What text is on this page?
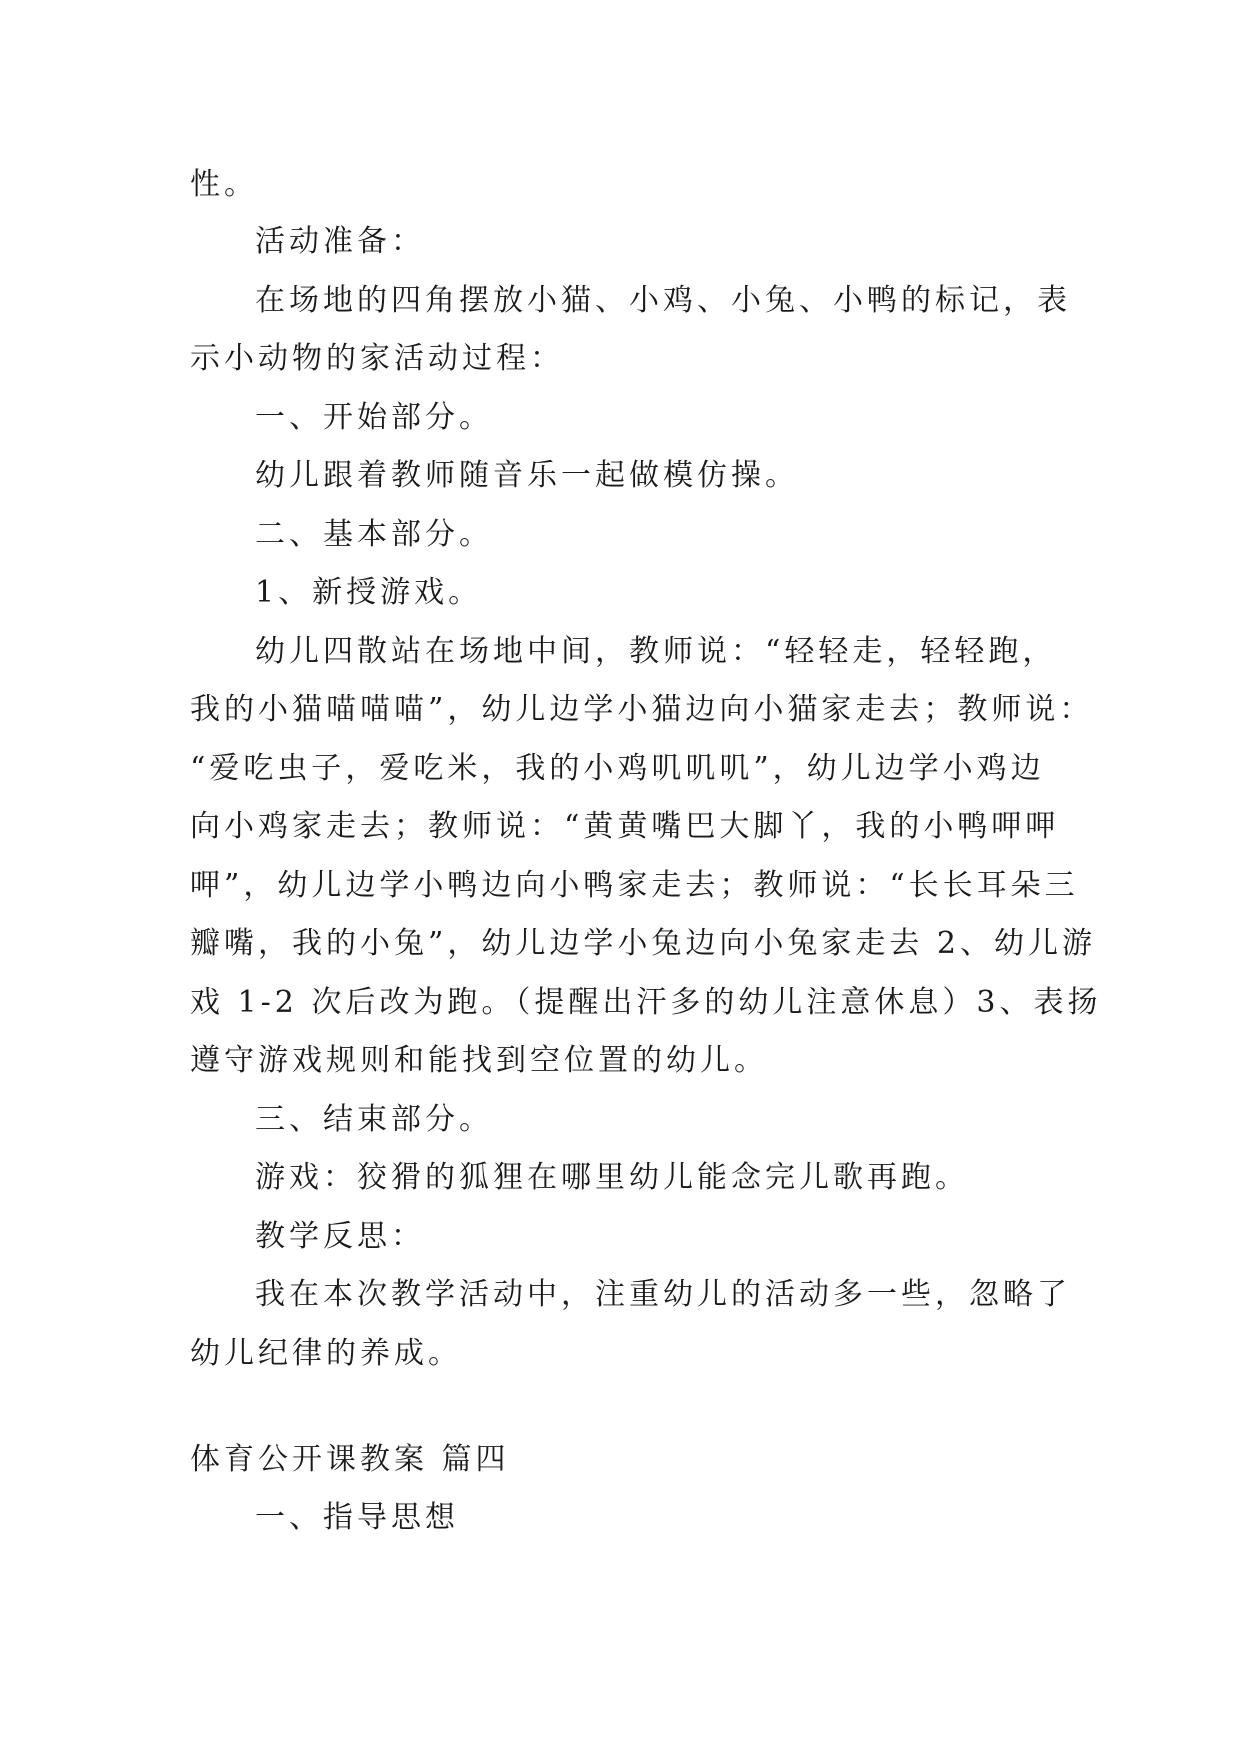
性。
活动准备：
在场地的四角摆放小猫、小鸡、小兔、小鸭的标记，表
示小动物的家活动过程：
一、开始部分。
幼儿跟着教师随音乐一起做模仿操。
二、基本部分。
1、新授游戏。
幼儿四散站在场地中间，教师说：“轻轻走，轻轻跑，
我的小猫喵喵喵”，幼儿边学小猫边向小猫家走去；教师说：
“爱吃虫子，爱吃米，我的小鸡叽叽叽”，幼儿边学小鸡边
向小鸡家走去；教师说：“黄黄嘴巴大脚丫，我的小鸭呷呷
呷”，幼儿边学小鸭边向小鸭家走去；教师说：“长长耳朵三
瓣嘴，我的小兔”，幼儿边学小兔边向小兔家走去 2、幼儿游
戏 1-2 次后改为跑。（提醒出汗多的幼儿注意休息）3、表扬
遵守游戏规则和能找到空位置的幼儿。
三、结束部分。
游戏：狡猾的狐狸在哪里幼儿能念完儿歌再跑。
教学反思：
我在本次教学活动中，注重幼儿的活动多一些，忽略了
幼儿纪律的养成。
体育公开课教案 篇四
一、指导思想
